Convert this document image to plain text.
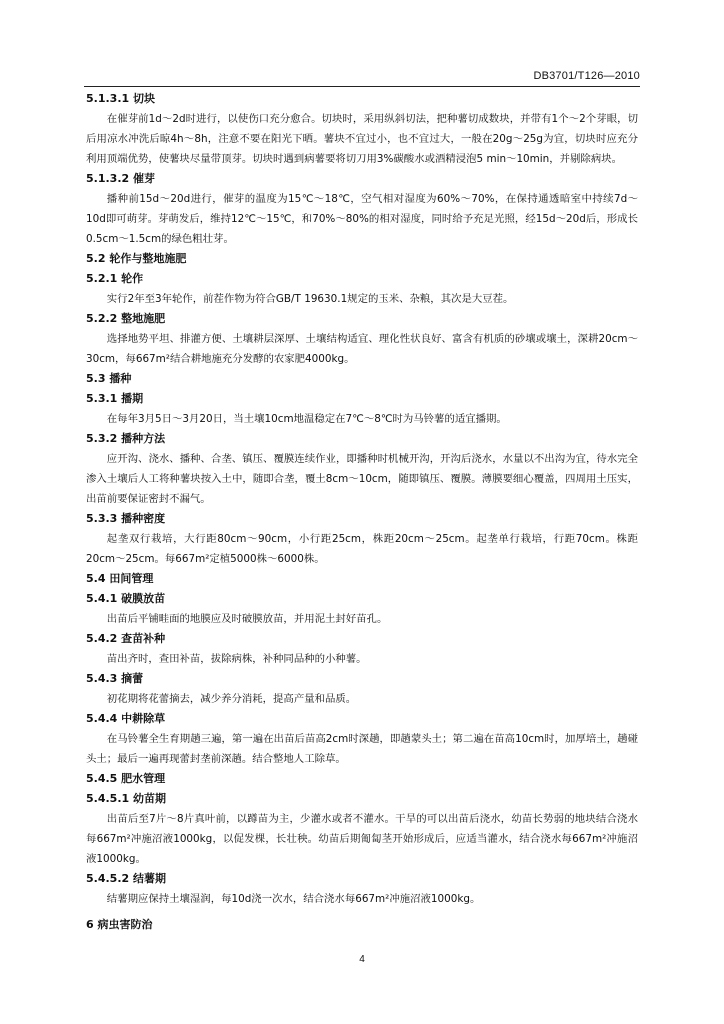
DB3701/T126—2010
5.1.3.1 切块

在催芽前1d～2d时进行，以使伤口充分愈合。切块时，采用纵斜切法，把种薯切成数块，并带有1个～2个芽眼，切后用凉水冲洗后晾4h～8h，注意不要在阳光下晒。薯块不宜过小，也不宜过大，一般在20g～25g为宜，切块时应充分利用顶端优势，使薯块尽量带顶芽。切块时遇到病薯要将切刀用3%碳酸水或酒精浸泡5 min～10min，并剔除病块。

5.1.3.2 催芽

播种前15d～20d进行，催芽的温度为15℃～18℃，空气相对湿度为60%～70%，在保持通透暗室中持续7d～10d即可萌芽。芽萌发后，维持12℃～15℃，和70%～80%的相对湿度，同时给予充足光照，经15d～20d后，形成长0.5cm～1.5cm的绿色粗壮芽。

5.2 轮作与整地施肥
5.2.1 轮作

实行2年至3年轮作，前茬作物为符合GB/T 19630.1规定的玉米、杂粮，其次是大豆茬。

5.2.2 整地施肥

选择地势平坦、排灌方便、土壤耕层深厚、土壤结构适宜、理化性状良好、富含有机质的砂壤或壤土，深耕20cm～30cm，每667m²结合耕地施充分发酵的农家肥4000kg。

5.3 播种
5.3.1 播期

在每年3月5日～3月20日，当土壤10cm地温稳定在7℃～8℃时为马铃薯的适宜播期。

5.3.2 播种方法

应开沟、浇水、播种、合垄、镇压、覆膜连续作业，即播种时机械开沟，开沟后浇水，水量以不出沟为宜，待水完全渗入土壤后人工将种薯块按入土中，随即合垄，覆土8cm～10cm，随即镇压、覆膜。薄膜要细心覆盖，四周用土压实，出苗前要保证密封不漏气。

5.3.3 播种密度

起垄双行栽培，大行距80cm～90cm，小行距25cm，株距20cm～25cm。起垄单行栽培，行距70cm。株距20cm～25cm。每667m²定植5000株～6000株。

5.4 田间管理
5.4.1 破膜放苗

出苗后平铺畦面的地膜应及时破膜放苗，并用泥土封好苗孔。

5.4.2 查苗补种

苗出齐时，查田补苗，拔除病株，补种同品种的小种薯。

5.4.3 摘蕾

初花期将花蕾摘去，减少养分消耗，提高产量和品质。

5.4.4 中耕除草

在马铃薯全生育期趟三遍，第一遍在出苗后苗高2cm时深趟，即趟蒙头土；第二遍在苗高10cm时，加厚培土，趟碰头土；最后一遍再现蕾封垄前深趟。结合整地人工除草。

5.4.5 肥水管理
5.4.5.1 幼苗期

出苗后至7片～8片真叶前，以蹲苗为主，少灌水或者不灌水。干旱的可以出苗后浇水，幼苗长势弱的地块结合浇水每667m²冲施沼液1000kg，以促发棵，长壮秧。幼苗后期匍匐茎开始形成后，应适当灌水，结合浇水每667m²冲施沼液1000kg。

5.4.5.2 结薯期

结薯期应保持土壤湿润，每10d浇一次水，结合浇水每667m²冲施沼液1000kg。

6 病虫害防治
4
